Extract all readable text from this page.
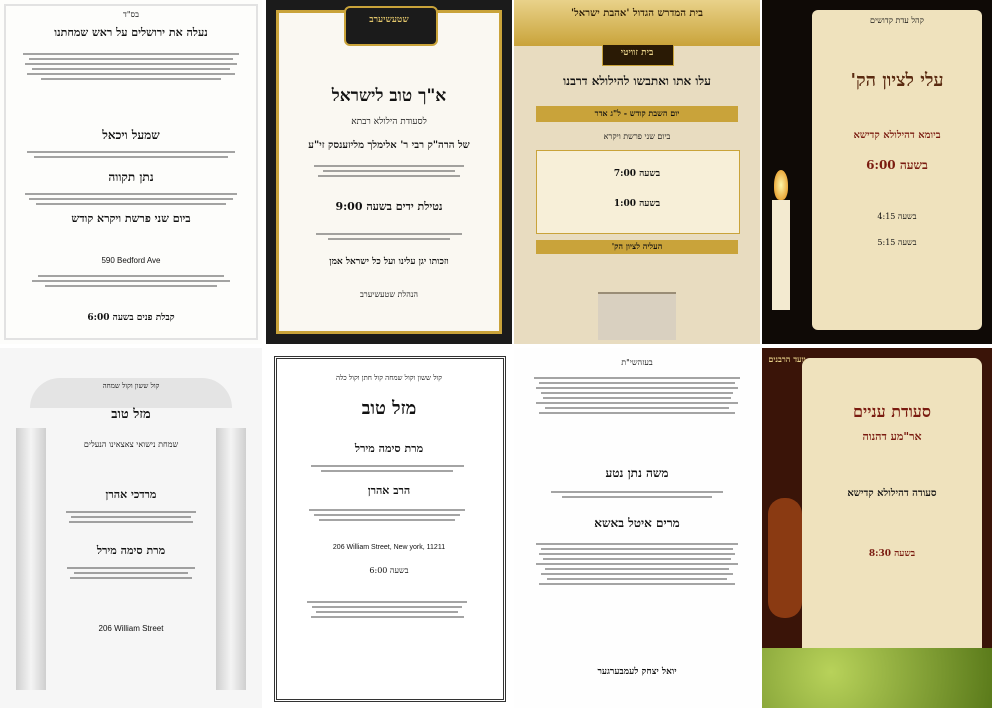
בס"ד
נעלה את ירושלים על ראש שמחתנו
שמעל ויכאל
נתן תקווה
ביום שני פרשת ויקרא קודש
590 Bedford Ave
קבלת פנים בשעה 6:00
שטעשיערב
א"ך טוב לישראל
לסעודת הילולא רבתא
של הרה"ק רבי ר' אלימלך מליזענסק זי"ע
נטילת ידים בשעה 9:00
וזכותו יגן עלינו ועל כל ישראל אמן
הנהלת שטעשיערב
בית המדרש הגדול 'אהבת ישראל'
בית זוויטי
עלו אתו ואתבשו להילולא דרבנו
יום השבת קודש - ל"ג אדר
ביום שני פרשת ויקרא
בשעה 7:00
בשעה 1:00
העליה לציון הק'
קהל עדת קדושים
עלי לציון הק'
ביומא דהילולא קדישא
בשעה 6:00
בשעה 4:15
בשעה 5:15
קול ששון וקול שמחה
מזל טוב
שמחת נישואי צאצאינו הנעלים
מרדכי אהרן
מרת סימה מירל
206 William Street
קול ששון וקול שמחה קול חתן וקול כלה
מזל טוב
מרת סימה מירל
הרב אהרן
206 William Street, New york, 11211
בשעה 6:00
בעזהשי"ת
משה נתן נטע
מרים איטל באשא
יואל יצחק לעמבערגער
וועד הרבנים
סעודת עניים
אר"מע דהנוה
סעודה דהילולא קדישא
בשעה 8:30
